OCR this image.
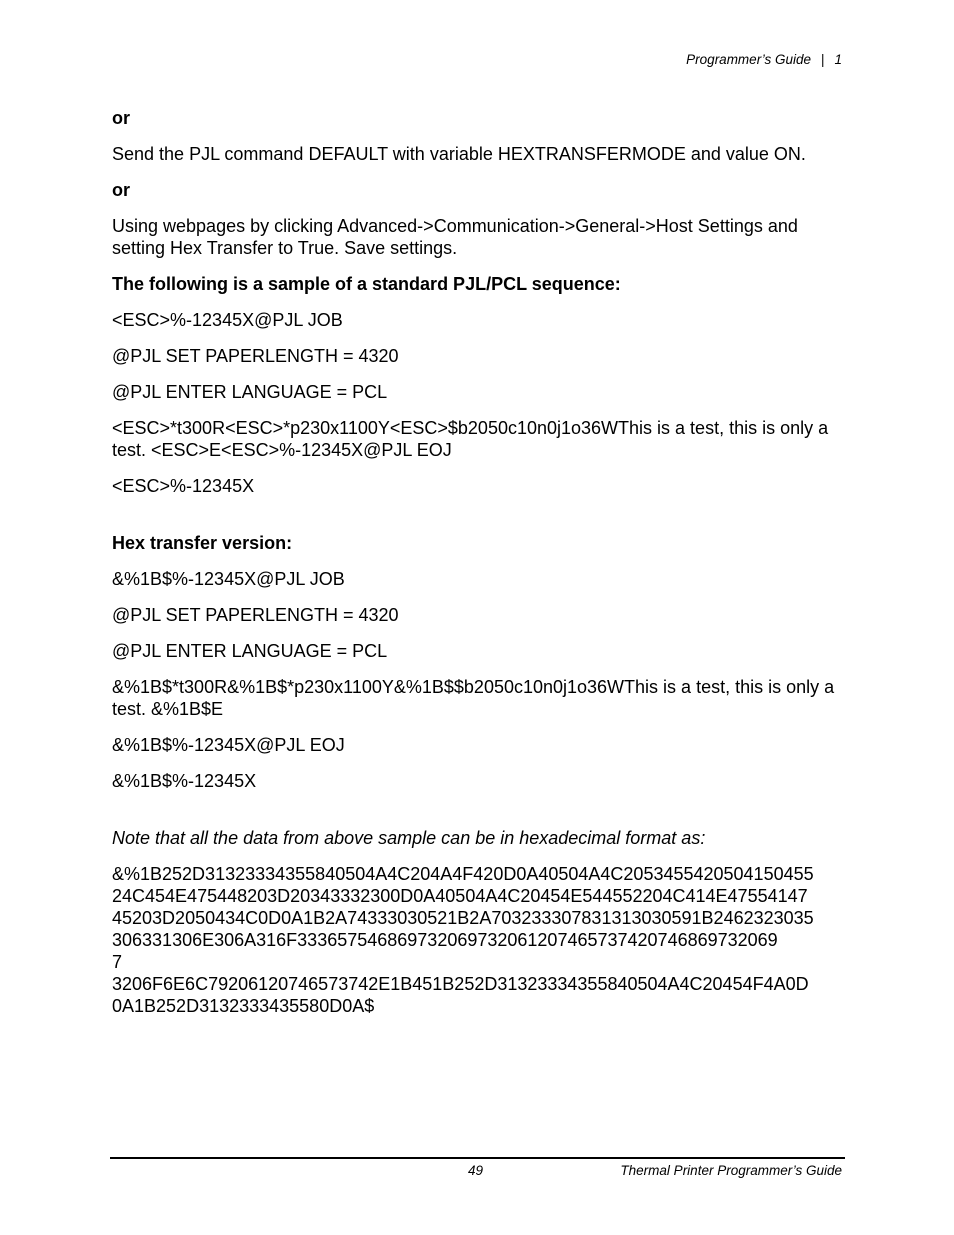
Programmer’s Guide | 1

or

Send the PJL command DEFAULT with variable HEXTRANSFERMODE and value ON.

or

Using webpages by clicking Advanced->Communication->General->Host Settings and setting Hex Transfer to True. Save settings.

The following is a sample of a standard PJL/PCL sequence:

<ESC>%-12345X@PJL JOB

@PJL SET PAPERLENGTH = 4320

@PJL ENTER LANGUAGE = PCL

<ESC>*t300R<ESC>*p230x1100Y<ESC>$b2050c10n0j1o36WThis is a test, this is only a test. <ESC>E<ESC>%-12345X@PJL EOJ

<ESC>%-12345X

Hex transfer version:

&%1B$%-12345X@PJL JOB

@PJL SET PAPERLENGTH = 4320

@PJL ENTER LANGUAGE = PCL

&%1B$*t300R&%1B$*p230x1100Y&%1B$$b2050c10n0j1o36WThis is a test, this is only a test. &%1B$E

&%1B$%-12345X@PJL EOJ

&%1B$%-12345X

Note that all the data from above sample can be in hexadecimal format as:

&%1B252D31323334355840504A4C204A4F420D0A40504A4C2053455420504150455
24C454E475448203D20343332300D0A40504A4C20454E544552204C414E47554147
45203D2050434C0D0A1B2A74333030521B2A703233307831313030591B2462323035
306331306E306A316F333657546869732069732061207465737420746869732069
7
3206F6E6C79206120746573742E1B451B252D31323334355840504A4C20454F4A0D
0A1B252D3132333435580D0A$

49	Thermal Printer Programmer’s Guide
